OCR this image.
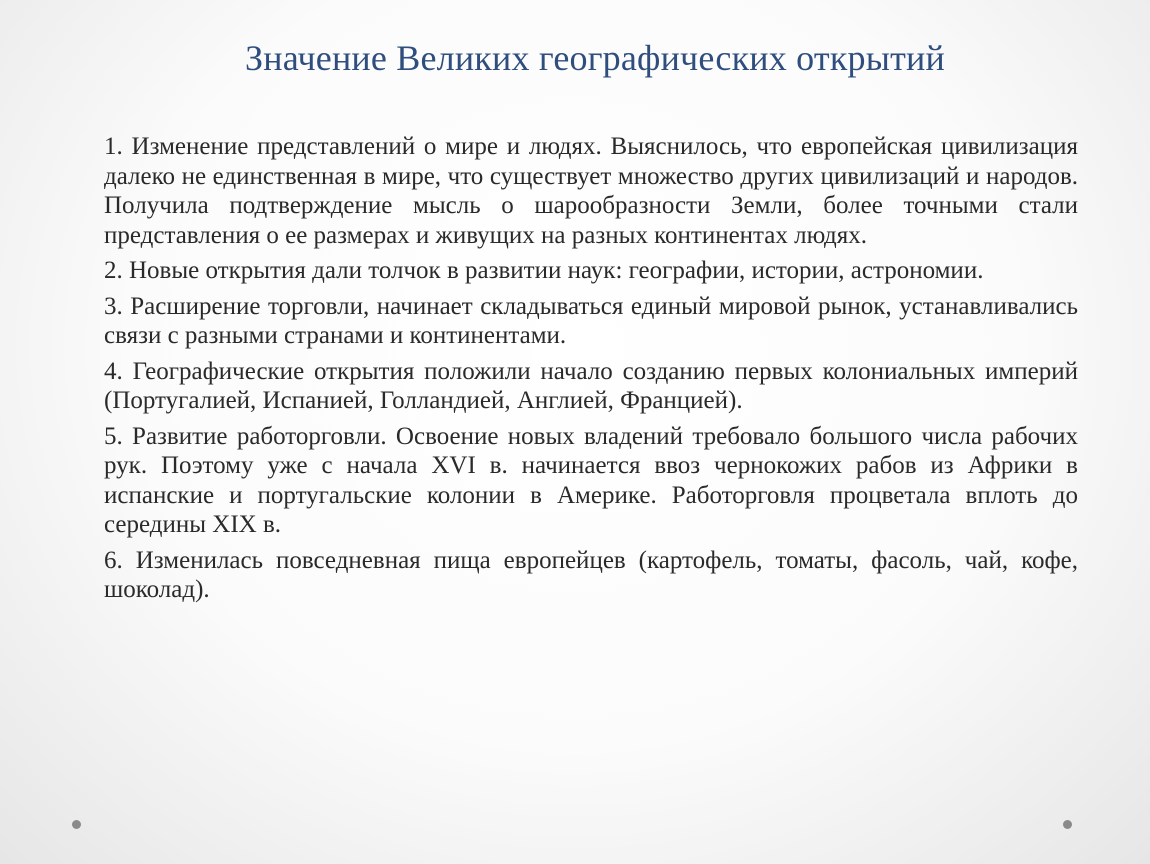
Значение Великих географических открытий

1. Изменение представлений о мире и людях. Выяснилось, что европейская цивилизация далеко не единственная в мире, что существует множество других цивилизаций и народов. Получила подтверждение мысль о шарообразности Земли, более точными стали представления о ее размерах и живущих на разных континентах людях.

2. Новые открытия дали толчок в развитии наук: географии, истории, астрономии.

3. Расширение торговли, начинает складываться единый мировой рынок, устанавливались связи с разными странами и континентами.

4. Географические открытия положили начало созданию первых колониальных империй (Португалией, Испанией, Голландией, Англией, Францией).

5. Развитие работорговли. Освоение новых владений требовало большого числа рабочих рук. Поэтому уже с начала XVI в. начинается ввоз чернокожих рабов из Африки в испанские и португальские колонии в Америке. Работорговля процветала вплоть до середины XIX в.

6. Изменилась повседневная пища европейцев (картофель, томаты, фасоль, чай, кофе, шоколад).
